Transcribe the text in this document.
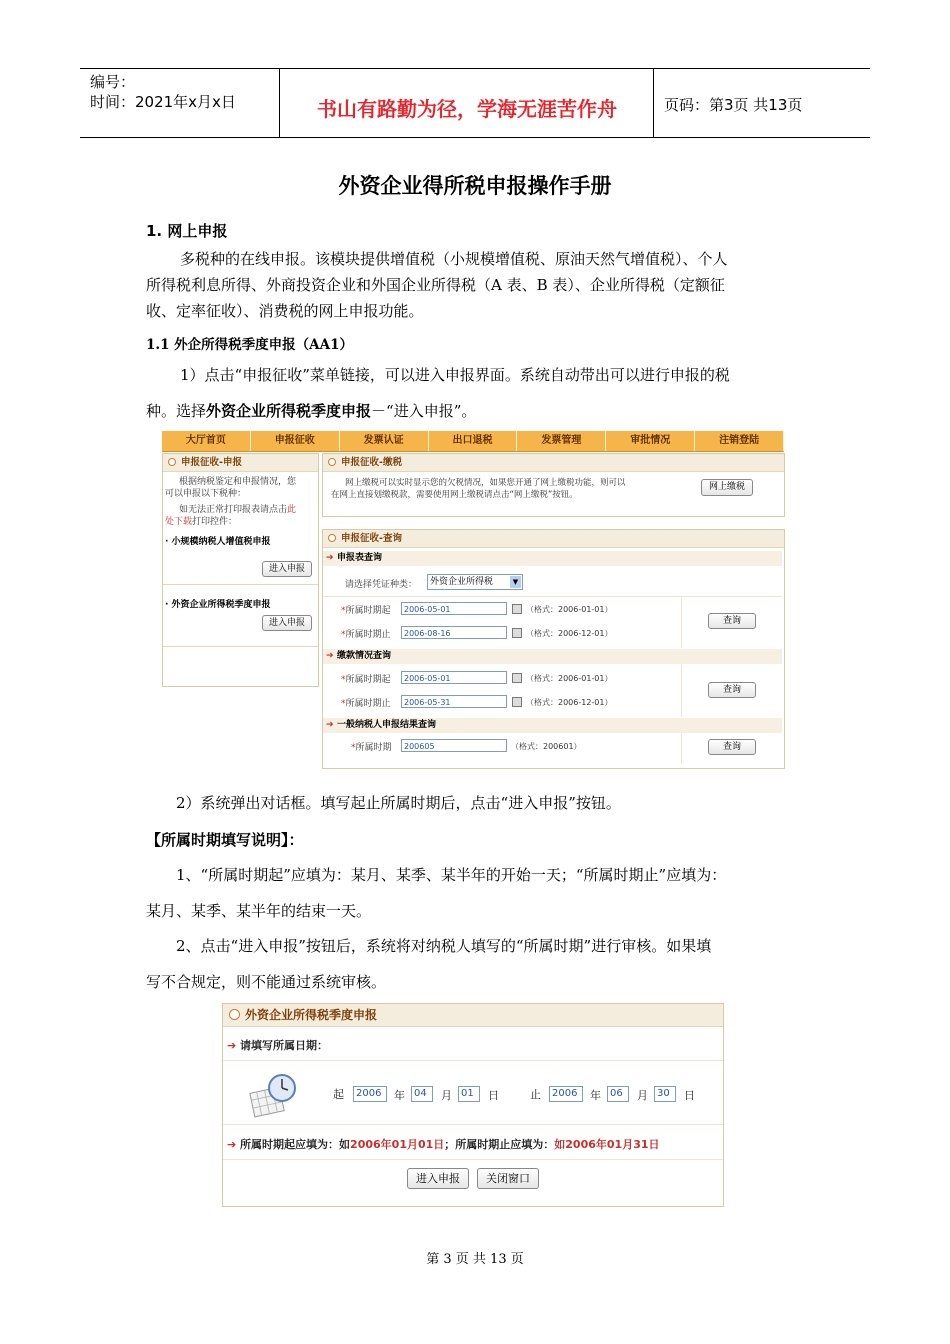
编号：
时间：2021年x月x日	书山有路勤为径，学海无涯苦作舟	页码：第3页 共13页
外资企业得所税申报操作手册
1. 网上申报
多税种的在线申报。该模块提供增值税（小规模增值税、原油天然气增值税）、个人
所得税利息所得、外商投资企业和外国企业所得税（A 表、B 表）、企业所得税（定额征
收、定率征收）、消费税的网上申报功能。
1.1 外企所得税季度申报（AA1）
1）点击“申报征收”菜单链接，可以进入申报界面。系统自动带出可以进行申报的税
种。选择外资企业所得税季度申报－“进入申报”。
大厅首页	申报征收	发票认证	出口退税	发票管理	审批情况	注销登陆
申报征收-申报
根据纳税鉴定和申报情况，您
可以申报以下税种：
如无法正常打印报表请点击此
处下载打印控件：
· 小规模纳税人增值税申报
进入申报
· 外资企业所得税季度申报
进入申报
申报征收-缴税
网上缴税可以实时显示您的欠税情况，如果您开通了网上缴税功能，则可以
在网上直接划缴税款，需要使用网上缴税请点击“网上缴税”按钮。
网上缴税
申报征收-查询
➔ 申报表查询
请选择凭证种类：	外资企业所得税	▼
*所属时期起	2006-05-01	（格式：2006-01-01）
*所属时期止	2006-08-16	（格式：2006-12-01）
查询
➔ 缴款情况查询
*所属时期起	2006-05-01	（格式：2006-01-01）
*所属时期止	2006-05-31	（格式：2006-12-01）
查询
➔ 一般纳税人申报结果查询
*所属时期	200605	（格式：200601）	查询
2）系统弹出对话框。填写起止所属时期后，点击“进入申报”按钮。
【所属时期填写说明】：
1、“所属时期起”应填为：某月、某季、某半年的开始一天；“所属时期止”应填为：
某月、某季、某半年的结束一天。
2、点击“进入申报”按钮后，系统将对纳税人填写的“所属时期”进行审核。如果填
写不合规定，则不能通过系统审核。
外资企业所得税季度申报
➔ 请填写所属日期：
起	2006	年 04	月 01	日	止	2006	年 06	月 30	日
➔ 所属时期起应填为：如2006年01月01日；所属时期止应填为：如2006年01月31日
进入申报	关闭窗口
第 3 页 共 13 页
